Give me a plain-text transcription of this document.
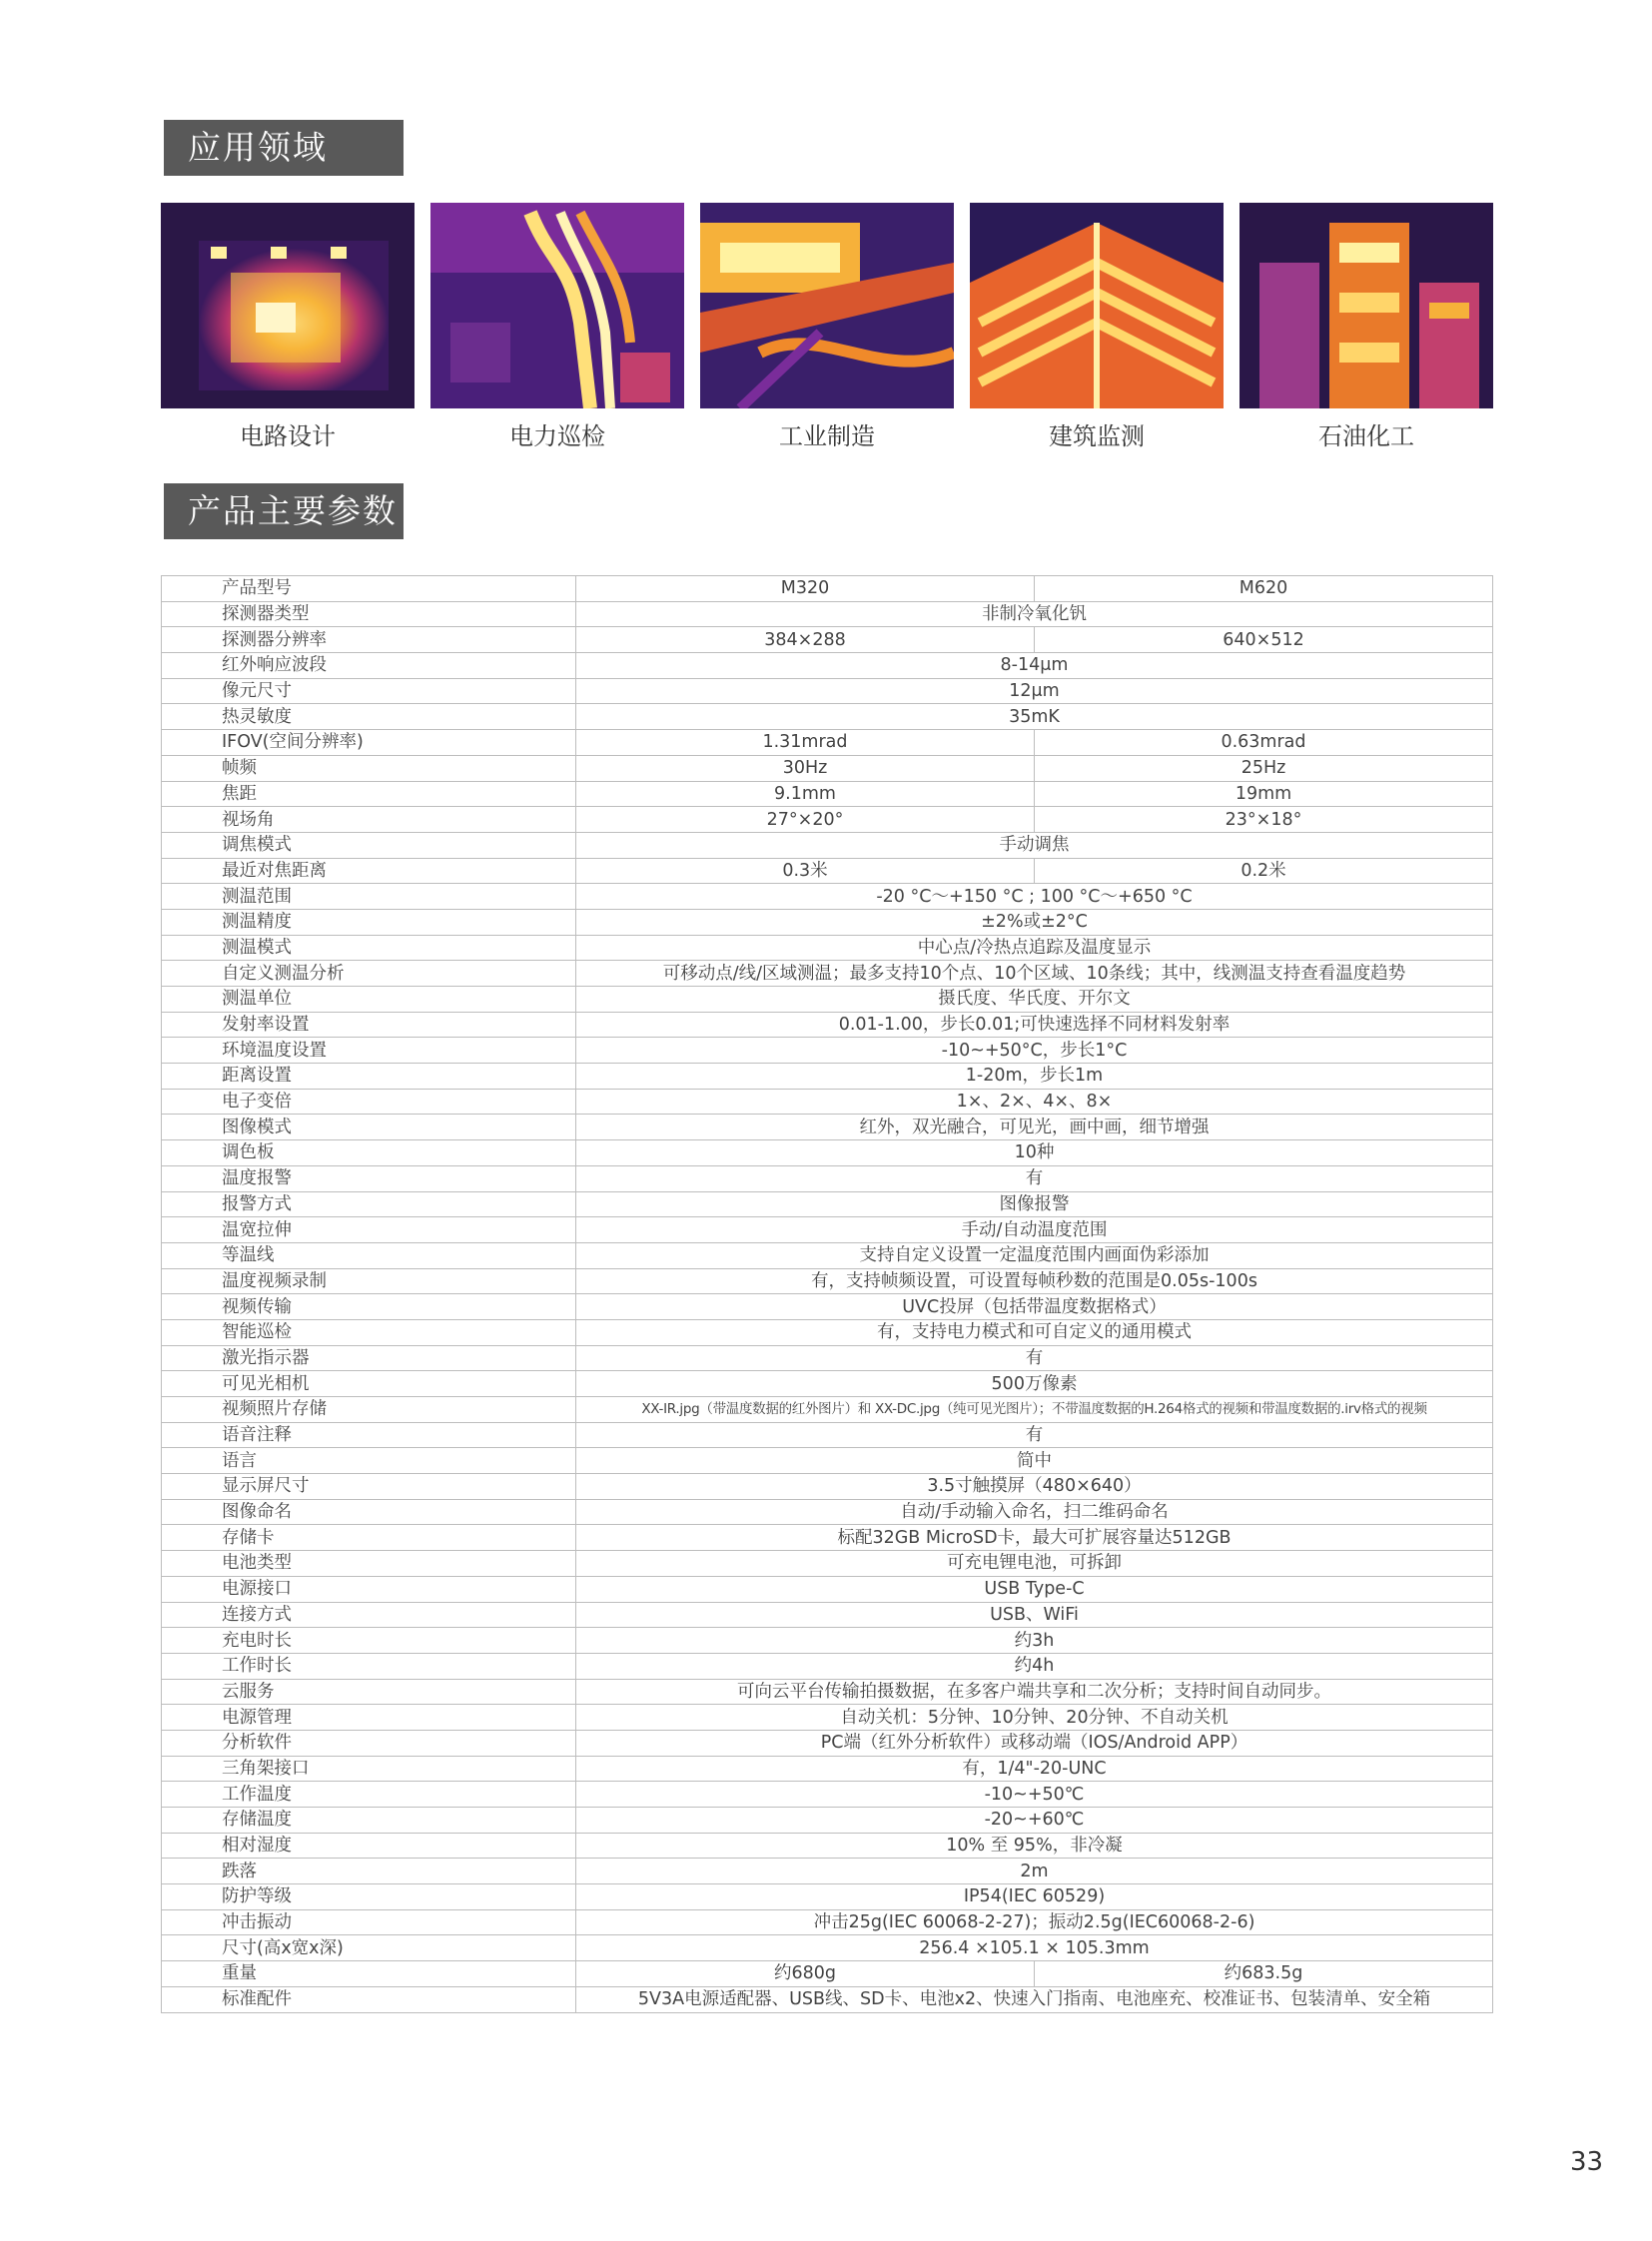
应用领域
电路设计	电力巡检	工业制造	建筑监测	石油化工
产品主要参数
产品型号	M320	M620
探测器类型	非制冷氧化钒	
探测器分辨率	384×288	640×512
红外响应波段	8-14μm	
像元尺寸	12μm	
热灵敏度	35mK	
IFOV(空间分辨率)	1.31mrad	0.63mrad
帧频	30Hz	25Hz
焦距	9.1mm	19mm
视场角	27°×20°	23°×18°
调焦模式	手动调焦	
最近对焦距离	0.3米	0.2米
测温范围	-20 °C～+150 °C ; 100 °C～+650 °C	
测温精度	±2%或±2°C	
测温模式	中心点/冷热点追踪及温度显示	
自定义测温分析	可移动点/线/区域测温；最多支持10个点、10个区域、10条线；其中，线测温支持查看温度趋势	
测温单位	摄氏度、华氏度、开尔文	
发射率设置	0.01-1.00，步长0.01;可快速选择不同材料发射率	
环境温度设置	-10~+50°C，步长1°C	
距离设置	1-20m，步长1m	
电子变倍	1×、2×、4×、8×	
图像模式	红外，双光融合，可见光，画中画，细节增强	
调色板	10种	
温度报警	有	
报警方式	图像报警	
温宽拉伸	手动/自动温度范围	
等温线	支持自定义设置一定温度范围内画面伪彩添加	
温度视频录制	有，支持帧频设置，可设置每帧秒数的范围是0.05s-100s	
视频传输	UVC投屏（包括带温度数据格式）	
智能巡检	有，支持电力模式和可自定义的通用模式	
激光指示器	有	
可见光相机	500万像素	
视频照片存储	XX-IR.jpg（带温度数据的红外图片）和 XX-DC.jpg（纯可见光图片）；不带温度数据的H.264格式的视频和带温度数据的.irv格式的视频	
语音注释	有	
语言	简中	
显示屏尺寸	3.5寸触摸屏（480×640）	
图像命名	自动/手动输入命名，扫二维码命名	
存储卡	标配32GB MicroSD卡，最大可扩展容量达512GB	
电池类型	可充电锂电池，可拆卸	
电源接口	USB Type-C	
连接方式	USB、WiFi	
充电时长	约3h	
工作时长	约4h	
云服务	可向云平台传输拍摄数据，在多客户端共享和二次分析；支持时间自动同步。	
电源管理	自动关机：5分钟、10分钟、20分钟、不自动关机	
分析软件	PC端（红外分析软件）或移动端（IOS/Android APP）	
三角架接口	有，1/4"-20-UNC	
工作温度	-10~+50℃	
存储温度	-20~+60℃	
相对湿度	10% 至 95%，非冷凝	
跌落	2m	
防护等级	IP54(IEC 60529)	
冲击振动	冲击25g(IEC 60068-2-27)；振动2.5g(IEC60068-2-6)	
尺寸(高x宽x深)	256.4 ×105.1 × 105.3mm	
重量	约680g	约683.5g
标准配件	5V3A电源适配器、USB线、SD卡、电池x2、快速入门指南、电池座充、校准证书、包装清单、安全箱	
33
